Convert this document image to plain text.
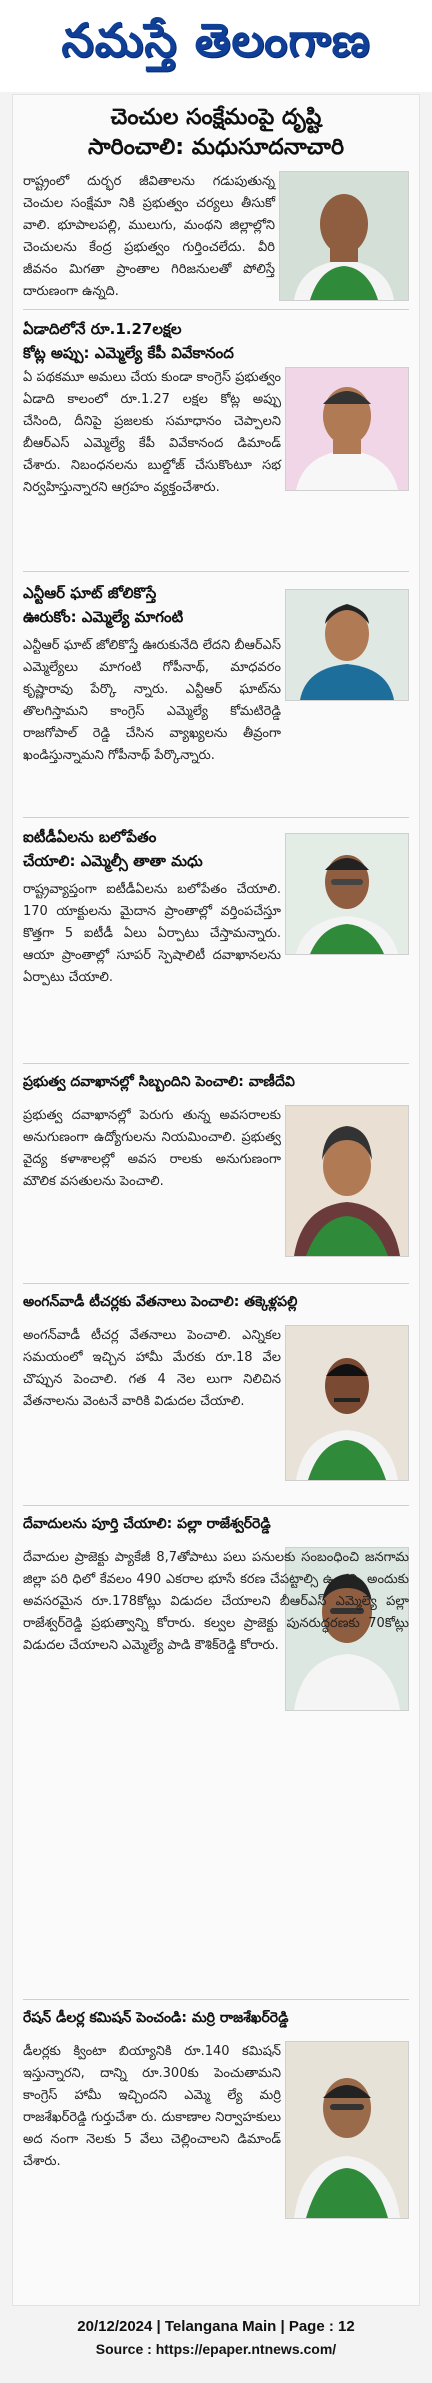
నమస్తే తెలంగాణ
చెంచుల సంక్షేమంపై దృష్టి
సారించాలి: మధుసూదనాచారి

రాష్ట్రంలో దుర్భర జీవితాలను గడుపుతున్న చెంచుల సంక్షేమా నికి ప్రభుత్వం చర్యలు తీసుకో వాలి. భూపాలపల్లి, ములుగు, మంథని జిల్లాల్లోని చెంచులను కేంద్ర ప్రభుత్వం గుర్తించలేదు. వీరి జీవనం మిగతా ప్రాంతాల గిరిజనులతో పోలిస్తే దారుణంగా ఉన్నది.

ఏడాదిలోనే రూ.1.27లక్షల
కోట్ల అప్పు: ఎమ్మెల్యే కేపీ వివేకానంద

ఏ పథకమూ అమలు చేయ కుండా కాంగ్రెస్ ప్రభుత్వం ఏడాది కాలంలో రూ.1.27 లక్షల కోట్ల అప్పు చేసింది, దీనిపై ప్రజలకు సమాధానం చెప్పాలని బీఆర్ఎస్ ఎమ్మెల్యే కేపీ వివేకానంద డిమాండ్ చేశారు. నిబంధనలను బుల్డోజ్ చేసుకొంటూ సభ నిర్వహిస్తున్నారని ఆగ్రహం వ్యక్తంచేశారు.

ఎన్టీఆర్ ఘాట్ జోలికొస్తే
ఊరుకోం: ఎమ్మెల్యే మాగంటి

ఎన్టీఆర్ ఘాట్ జోలికొస్తే ఊరుకునేది లేదని బీఆర్ఎస్ ఎమ్మెల్యేలు మాగంటి గోపీనాథ్, మాధవరం కృష్ణారావు పేర్కొ న్నారు. ఎన్టీఆర్ ఘాట్‌ను తొలగిస్తామని కాంగ్రెస్ ఎమ్మెల్యే కోమటిరెడ్డి రాజగోపాల్ రెడ్డి చేసిన వ్యాఖ్యలను తీవ్రంగా ఖండిస్తున్నామని గోపీనాథ్ పేర్కొన్నారు.

ఐటీడీఏలను బలోపేతం
చేయాలి: ఎమ్మెల్సీ తాతా మధు

రాష్ట్రవ్యాప్తంగా ఐటీడీఏలను బలోపేతం చేయాలి. 170 యాక్టులను మైదాన ప్రాంతాల్లో వర్తింపచేస్తూ కొత్తగా 5 ఐటీడీ ఏలు ఏర్పాటు చేస్తామన్నారు. ఆయా ప్రాంతాల్లో సూపర్ స్పెషాలిటీ దవాఖానలను ఏర్పాటు చేయాలి.

ప్రభుత్వ దవాఖానల్లో సిబ్బందిని పెంచాలి: వాణీదేవి

ప్రభుత్వ దవాఖానల్లో పెరుగు తున్న అవసరాలకు అనుగుణంగా ఉద్యోగులను నియమించాలి. ప్రభుత్వ వైద్య కళాశాలల్లో అవస రాలకు అనుగుణంగా మౌలిక వసతులను పెంచాలి.

అంగన్‌వాడీ టీచర్లకు వేతనాలు పెంచాలి: తక్కెళ్లపల్లి

అంగన్‌వాడీ టీచర్ల వేతనాలు పెంచాలి. ఎన్నికల సమయంలో ఇచ్చిన హామీ మేరకు రూ.18 వేల చొప్పున పెంచాలి. గత 4 నెల లుగా నిలిచిన వేతనాలను వెంటనే వారికి విడుదల చేయాలి.

దేవాదులను పూర్తి చేయాలి: పల్లా రాజేశ్వర్‌రెడ్డి

దేవాదుల ప్రాజెక్టు ప్యాకేజీ 8,7తోపాటు పలు పనులకు సంబంధించి జనగామ జిల్లా పరి ధిలో కేవలం 490 ఎకరాల భూసే కరణ చేపట్టాల్సి ఉందని, అందుకు అవసరమైన రూ.178కోట్లు విడుదల చేయాలని బీఆర్ఎస్ ఎమ్మెల్యే పల్లా రాజేశ్వర్‌రెడ్డి ప్రభుత్వాన్ని కోరారు. కల్వల ప్రాజెక్టు పునరుద్ధరణకు 70కోట్లు విడుదల చేయాలని ఎమ్మెల్యే పాడి కౌశిక్‌రెడ్డి కోరారు.

రేషన్ డీలర్ల కమిషన్ పెంచండి: మర్రి రాజశేఖర్‌రెడ్డి

డీలర్లకు క్వింటా బియ్యానికి రూ.140 కమిషన్ ఇస్తున్నారని, దాన్ని రూ.300కు పెంచుతామని కాంగ్రెస్ హామీ ఇచ్చిందని ఎమ్మె ల్యే మర్రి రాజశేఖర్‌రెడ్డి గుర్తుచేశా రు. దుకాణాల నిర్వాహకులు అద నంగా నెలకు 5 వేలు చెల్లించాలని డిమాండ్ చేశారు.

20/12/2024 | Telangana Main | Page : 12
Source : https://epaper.ntnews.com/
